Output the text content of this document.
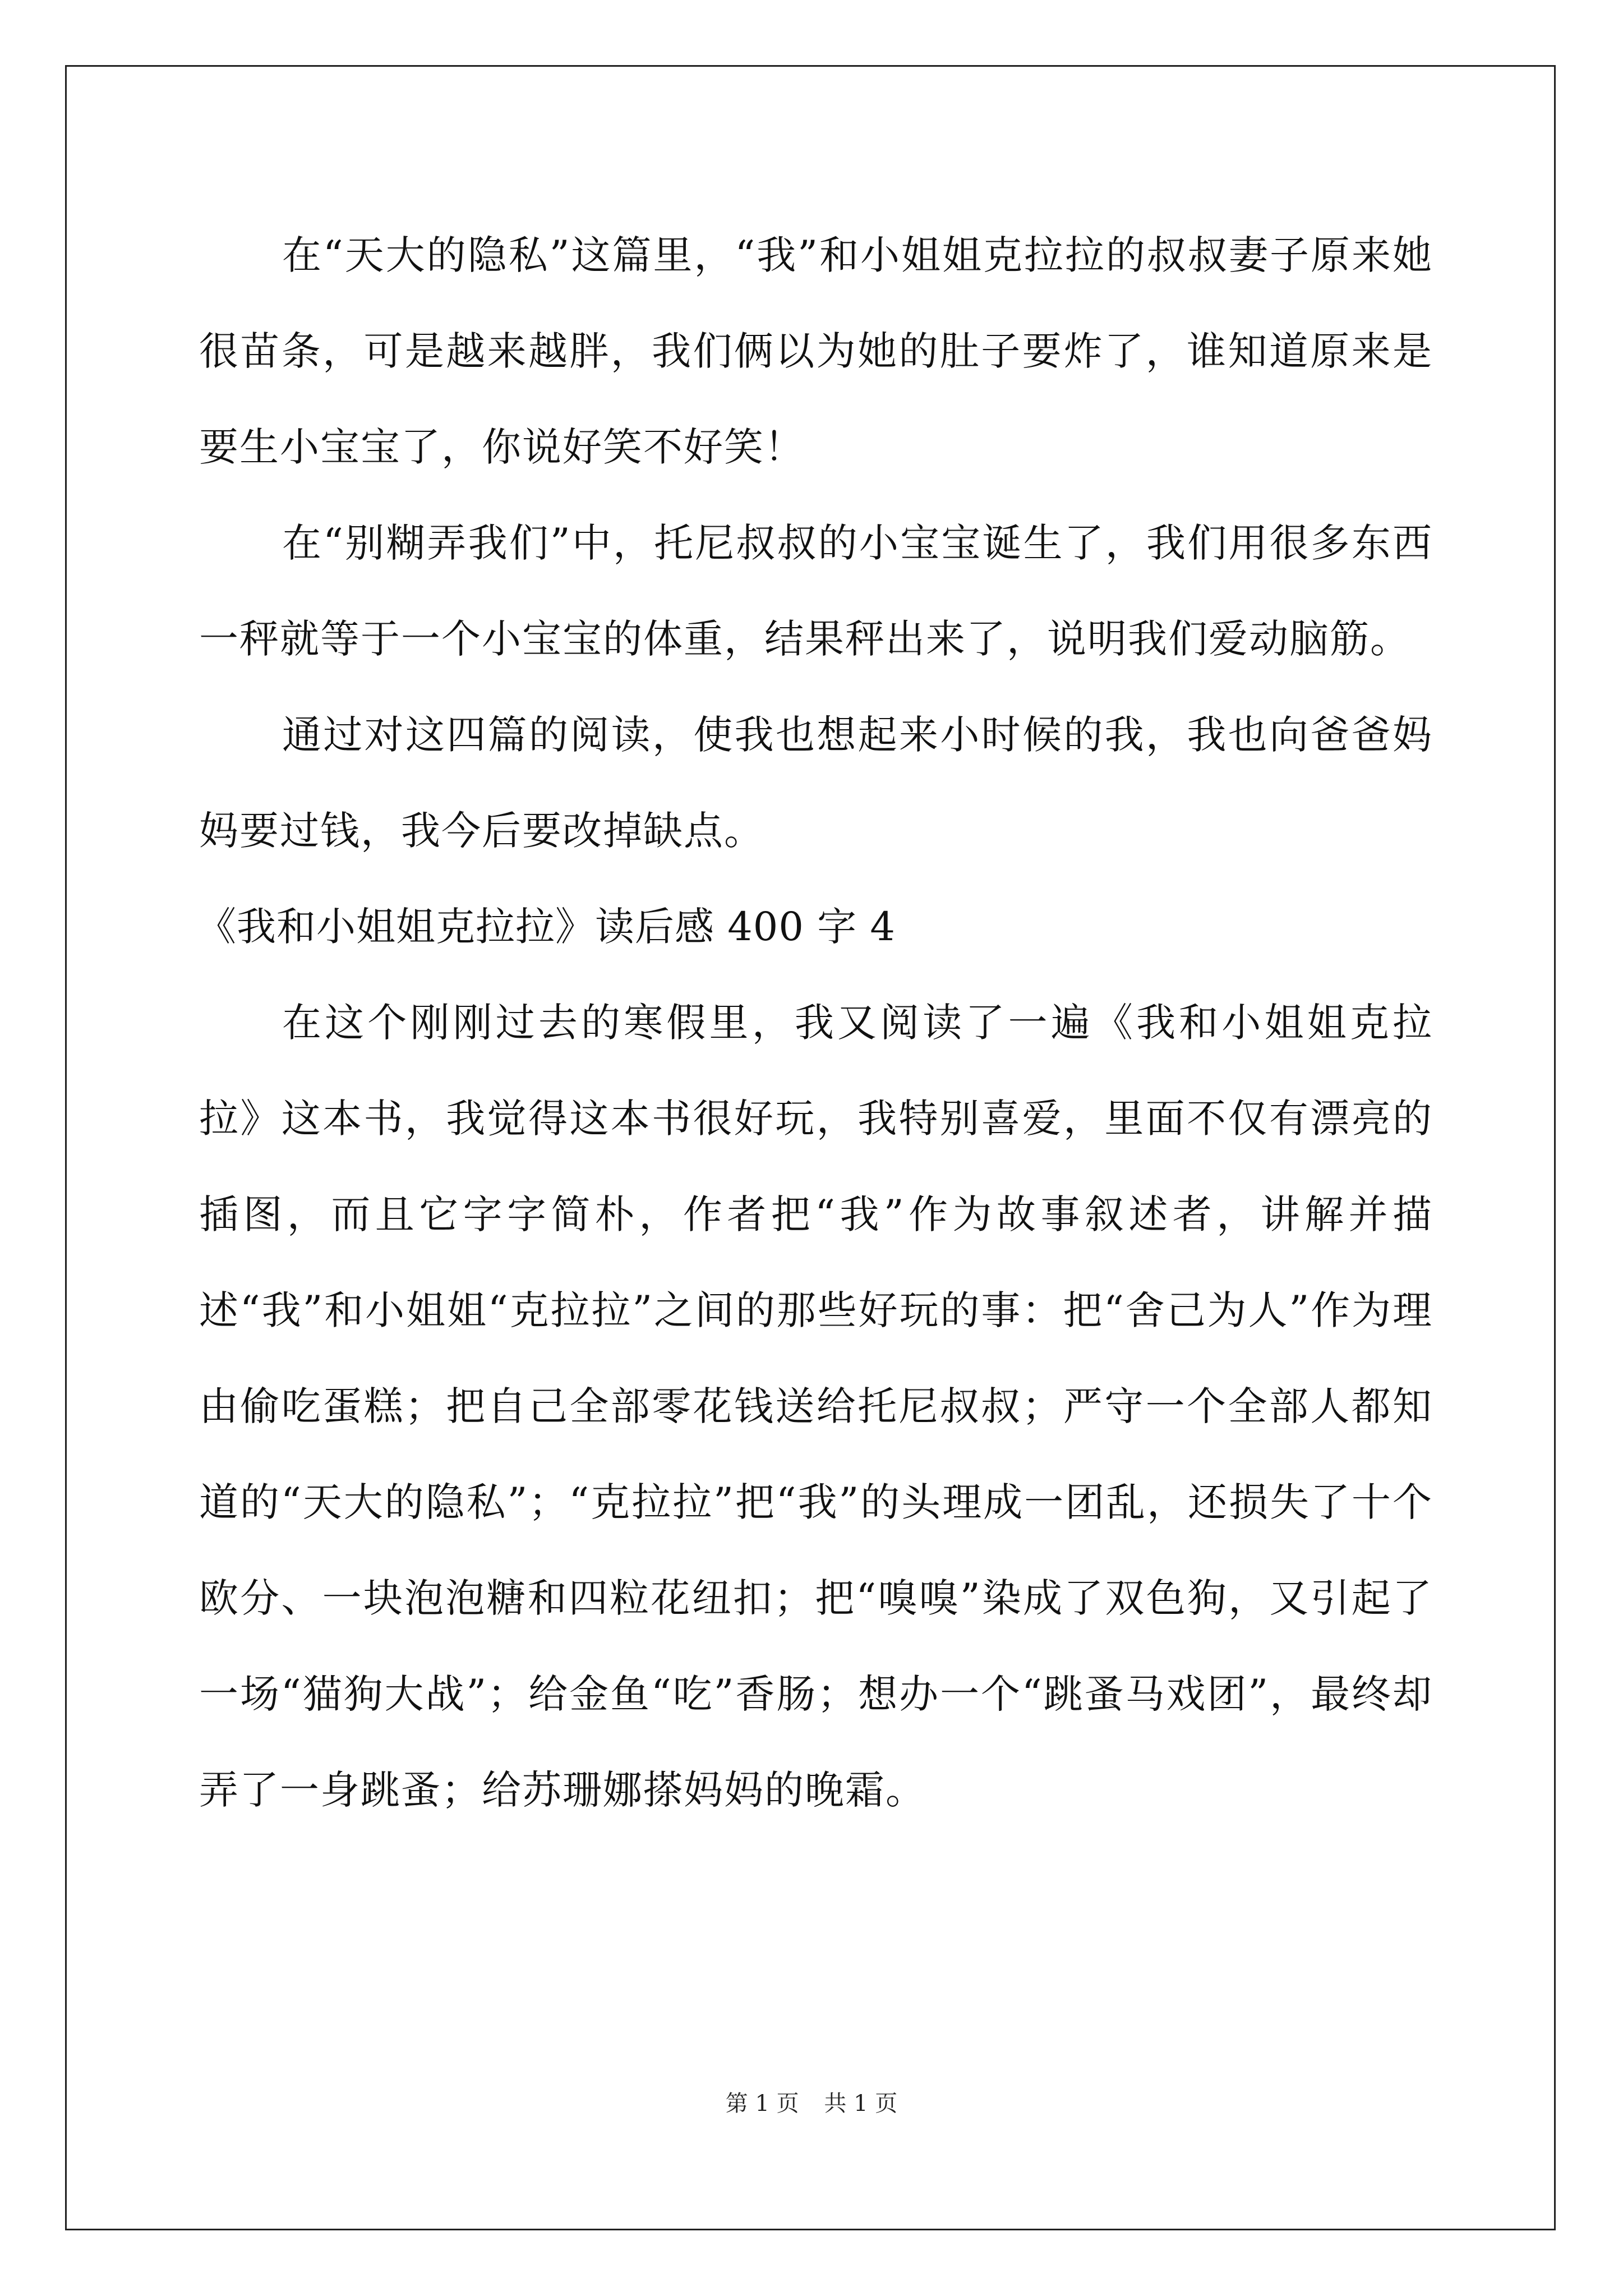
在“天大的隐私”这篇里，“我”和小姐姐克拉拉的叔叔妻子原来她很苗条，可是越来越胖，我们俩以为她的肚子要炸了，谁知道原来是要生小宝宝了，你说好笑不好笑！

在“别糊弄我们”中，托尼叔叔的小宝宝诞生了，我们用很多东西一秤就等于一个小宝宝的体重，结果秤出来了，说明我们爱动脑筋。

通过对这四篇的阅读，使我也想起来小时候的我，我也向爸爸妈妈要过钱，我今后要改掉缺点。

《我和小姐姐克拉拉》读后感 400 字 4

在这个刚刚过去的寒假里，我又阅读了一遍《我和小姐姐克拉拉》这本书，我觉得这本书很好玩，我特别喜爱，里面不仅有漂亮的插图，而且它字字简朴，作者把“我”作为故事叙述者，讲解并描述“我”和小姐姐“克拉拉”之间的那些好玩的事：把“舍己为人”作为理由偷吃蛋糕；把自己全部零花钱送给托尼叔叔；严守一个全部人都知道的“天大的隐私”；“克拉拉”把“我”的头理成一团乱，还损失了十个欧分、一块泡泡糖和四粒花纽扣；把“嗅嗅”染成了双色狗，又引起了一场“猫狗大战”；给金鱼“吃”香肠；想办一个“跳蚤马戏团”，最终却弄了一身跳蚤；给苏珊娜搽妈妈的晚霜。

第 1 页 共 1 页
